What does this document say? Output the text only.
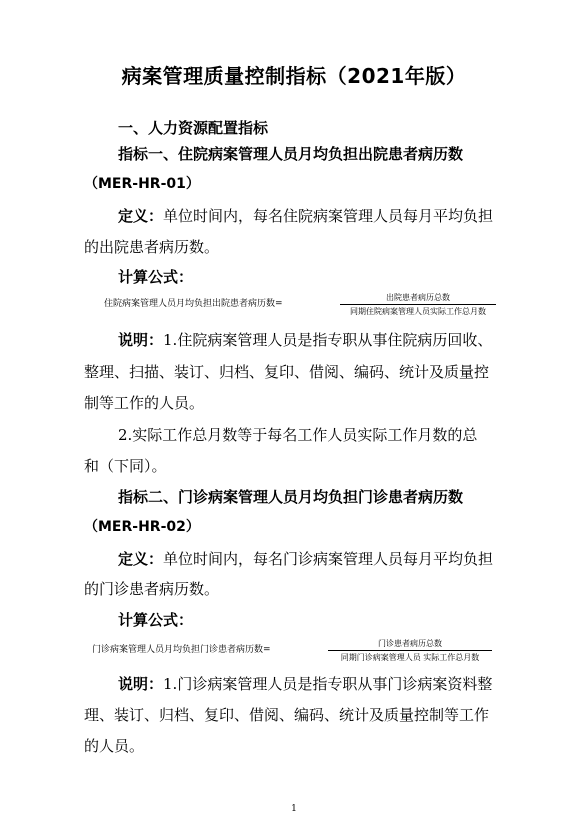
病案管理质量控制指标（2021年版）
一、人力资源配置指标
指标一、住院病案管理人员月均负担出院患者病历数
（MER-HR-01）
定义：单位时间内，每名住院病案管理人员每月平均负担
的出院患者病历数。
计算公式：
住院病案管理人员月均负担出院患者病历数=
出院患者病历总数
同期住院病案管理人员实际工作总月数
说明：1.住院病案管理人员是指专职从事住院病历回收、
整理、扫描、装订、归档、复印、借阅、编码、统计及质量控
制等工作的人员。
2.实际工作总月数等于每名工作人员实际工作月数的总
和（下同）。
指标二、门诊病案管理人员月均负担门诊患者病历数
（MER-HR-02）
定义：单位时间内，每名门诊病案管理人员每月平均负担
的门诊患者病历数。
计算公式：
门诊病案管理人员月均负担门诊患者病历数=
门诊患者病历总数
同期门诊病案管理人员 实际工作总月数
说明：1.门诊病案管理人员是指专职从事门诊病案资料整
理、装订、归档、复印、借阅、编码、统计及质量控制等工作
的人员。
1
